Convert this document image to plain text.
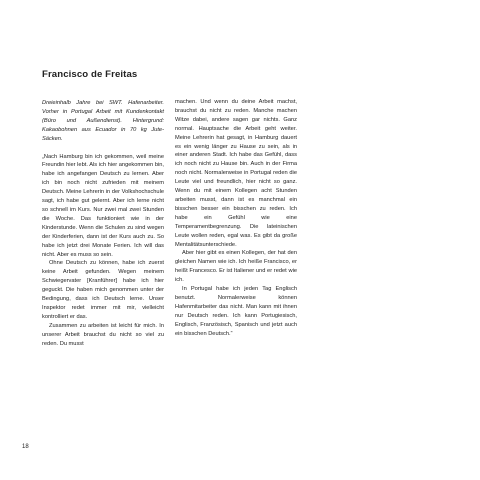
Francisco de Freitas

Dreieinhalb Jahre bei SWT. Hafenarbeiter. Vorher in Portugal Arbeit mit Kundenkontakt (Büro und Außendienst). Hintergrund: Kakaobohnen aus Ecuador in 70 kg Jute-Säcken.

„Nach Hamburg bin ich gekommen, weil meine Freundin hier lebt. Als ich hier angekommen bin, habe ich angefangen Deutsch zu lernen. Aber ich bin noch nicht zufrieden mit meinem Deutsch. Meine Lehrerin in der Volkshochschule sagt, ich habe gut gelernt. Aber ich lerne nicht so schnell im Kurs. Nur zwei mal zwei Stunden die Woche. Das funktioniert wie in der Kinderstunde. Wenn die Schulen zu sind wegen der Kinderferien, dann ist der Kurs auch zu. So habe ich jetzt drei Monate Ferien. Ich will das nicht. Aber es muss so sein.

Ohne Deutsch zu können, habe ich zuerst keine Arbeit gefunden. Wegen meinem Schwiegervater [Kranführer] habe ich hier geguckt. Die haben mich genommen unter der Bedingung, dass ich Deutsch lerne. Unser Inspektor redet immer mit mir, vielleicht kontrolliert er das.

Zusammen zu arbeiten ist leicht für mich. In unserer Arbeit brauchst du nicht so viel zu reden. Du musst

machen. Und wenn du deine Arbeit machst, brauchst du nicht zu reden. Manche machen Witze dabei, andere sagen gar nichts. Ganz normal. Hauptsache die Arbeit geht weiter. Meine Lehrerin hat gesagt, in Hamburg dauert es ein wenig länger zu Hause zu sein, als in einer anderen Stadt. Ich habe das Gefühl, dass ich noch nicht zu Hause bin. Auch in der Firma noch nicht. Normalerweise in Portugal reden die Leute viel und freundlich, hier nicht so ganz. Wenn du mit einem Kollegen acht Stunden arbeiten musst, dann ist es manchmal ein bisschen besser ein bisschen zu reden. Ich habe ein Gefühl wie eine Temperamentbegrenzung. Die lateinischen Leute wollen reden, egal was. Es gibt da große Mentalitätsunterschiede.

Aber hier gibt es einen Kollegen, der hat den gleichen Namen wie ich. Ich heiße Francisco, er heißt Francesco. Er ist Italiener und er redet wie ich.

In Portugal habe ich jeden Tag Englisch benutzt. Normalerweise können Hafenmitarbeiter das nicht. Man kann mit ihnen nur Deutsch reden. Ich kann Portugiesisch, Englisch, Französisch, Spanisch und jetzt auch ein bisschen Deutsch.“

18
